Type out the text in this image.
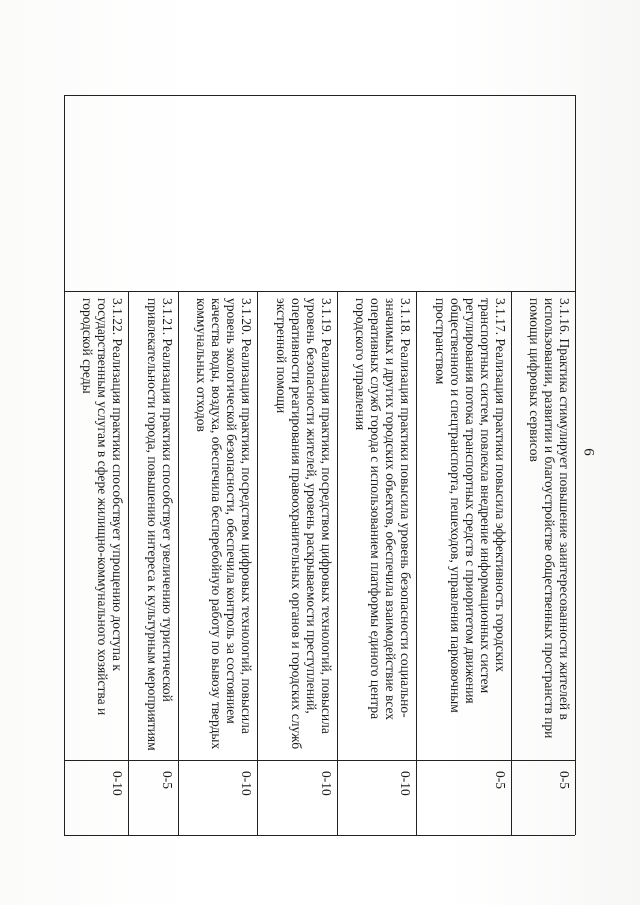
6
3.1.16. Практика стимулирует повышение заинтересованности жителей в использовании, развитии и благоустройстве общественных пространств при помощи цифровых сервисов
0-5
3.1.17. Реализация практики повысила эффективность городских транспортных систем, повлекла внедрение информационных систем регулирования потока транспортных средств с приоритетом движения общественного и спецтранспорта, пешеходов, управления парковочным пространством
0-5
3.1.18. Реализация практики повысила уровень безопасности социально-значимых и других городских объектов, обеспечила взаимодействие всех оперативных служб города с использованием платформы единого центра городского управления
0-10
3.1.19. Реализация практики, посредством цифровых технологий, повысила уровень безопасности жителей, уровень раскрываемости преступлений, оперативности реагирования правоохранительных органов и городских служб экстренной помощи
0-10
3.1.20. Реализация практики, посредством цифровых технологий, повысила уровень экологической безопасности, обеспечила контроль за состоянием качества воды, воздуха, обеспечила бесперебойную работу по вывозу твердых коммунальных отходов
0-10
3.1.21. Реализация практики способствует увеличению туристической привлекательности города, повышению интереса к культурным мероприятиям
0-5
3.1.22. Реализация практики способствует упрощению доступа к государственным услугам в сфере жилищно-коммунального хозяйства и городской среды
0-10
